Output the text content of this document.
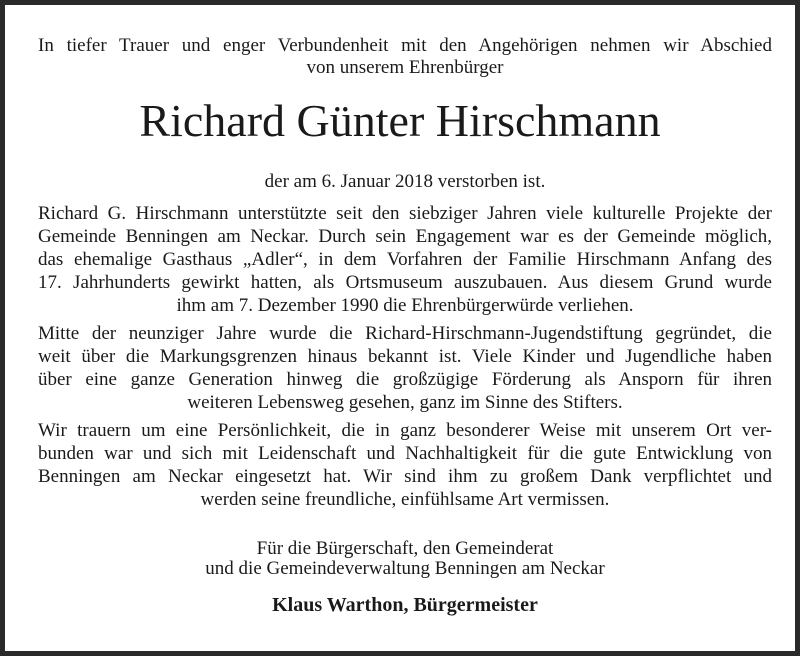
In tiefer Trauer und enger Verbundenheit mit den Angehörigen nehmen wir Abschied
von unserem Ehrenbürger
Richard Günter Hirschmann
der am 6. Januar 2018 verstorben ist.
Richard G. Hirschmann unterstützte seit den siebziger Jahren viele kulturelle Projekte der
Gemeinde Benningen am Neckar. Durch sein Engagement war es der Gemeinde möglich,
das ehemalige Gasthaus „Adler“, in dem Vorfahren der Familie Hirschmann Anfang des
17. Jahrhunderts gewirkt hatten, als Ortsmuseum auszubauen. Aus diesem Grund wurde
ihm am 7. Dezember 1990 die Ehrenbürgerwürde verliehen.
Mitte der neunziger Jahre wurde die Richard-Hirschmann-Jugendstiftung gegründet, die
weit über die Markungsgrenzen hinaus bekannt ist. Viele Kinder und Jugendliche haben
über eine ganze Generation hinweg die großzügige Förderung als Ansporn für ihren
weiteren Lebensweg gesehen, ganz im Sinne des Stifters.
Wir trauern um eine Persönlichkeit, die in ganz besonderer Weise mit unserem Ort ver-
bunden war und sich mit Leidenschaft und Nachhaltigkeit für die gute Entwicklung von
Benningen am Neckar eingesetzt hat. Wir sind ihm zu großem Dank verpflichtet und
werden seine freundliche, einfühlsame Art vermissen.
Für die Bürgerschaft, den Gemeinderat
und die Gemeindeverwaltung Benningen am Neckar
Klaus Warthon, Bürgermeister
